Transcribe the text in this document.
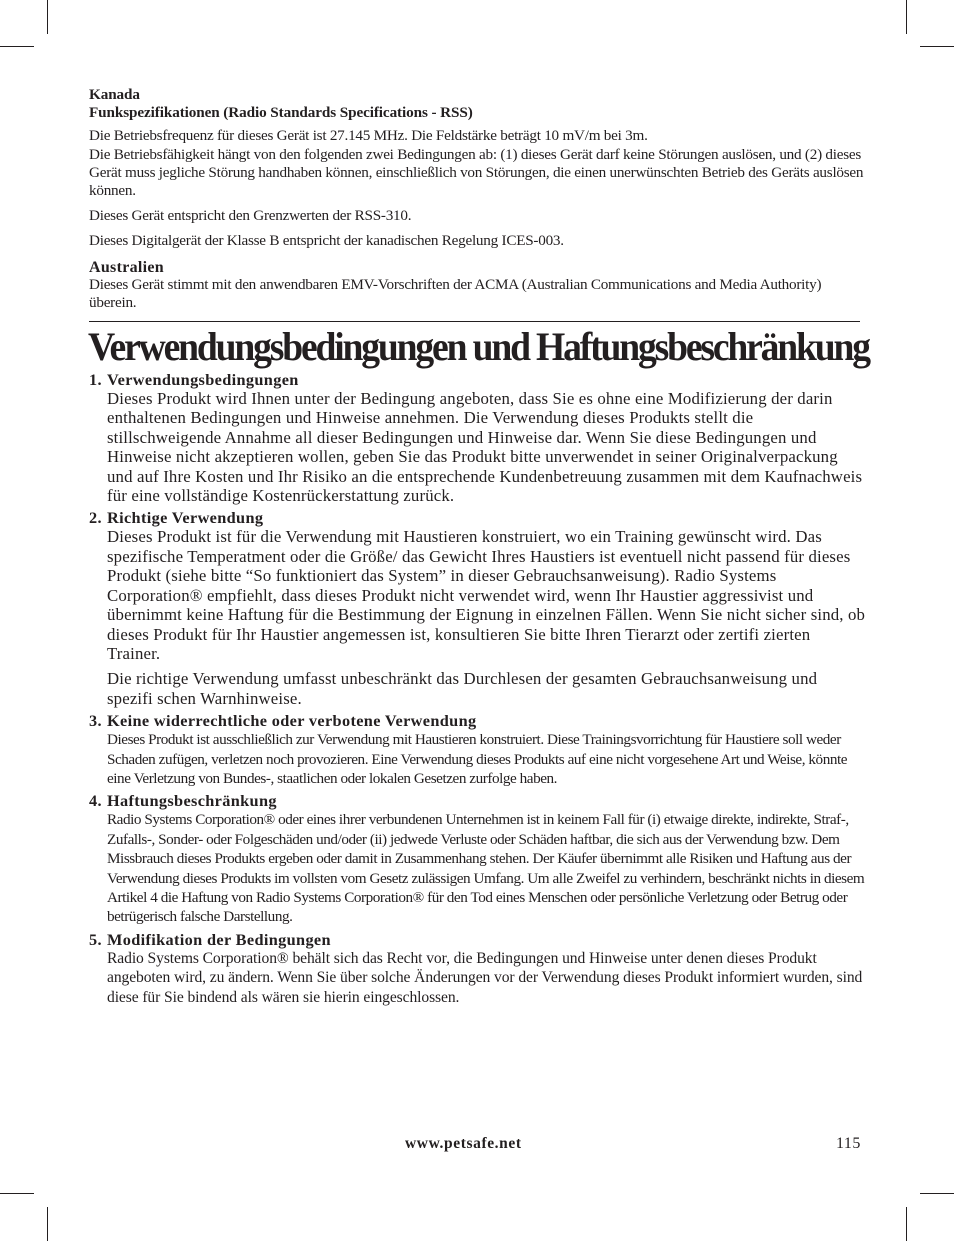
Kanada
Funkspezifikationen (Radio Standards Specifications - RSS)

Die Betriebsfrequenz für dieses Gerät ist 27.145 MHz. Die Feldstärke beträgt 10 mV/m bei 3m.

Die Betriebsfähigkeit hängt von den folgenden zwei Bedingungen ab: (1) dieses Gerät darf keine Störungen auslösen, und (2) dieses Gerät muss jegliche Störung handhaben können, einschließlich von Störungen, die einen unerwünschten Betrieb des Geräts auslösen können.

Dieses Gerät entspricht den Grenzwerten der RSS-310.

Dieses Digitalgerät der Klasse B entspricht der kanadischen Regelung ICES-003.

Australien

Dieses Gerät stimmt mit den anwendbaren EMV-Vorschriften der ACMA (Australian Communications and Media Authority) überein.

Verwendungsbedingungen und Haftungsbeschränkung
1. Verwendungsbedingungen

Dieses Produkt wird Ihnen unter der Bedingung angeboten, dass Sie es ohne eine Modifizierung der darin enthaltenen Bedingungen und Hinweise annehmen. Die Verwendung dieses Produkts stellt die stillschweigende Annahme all dieser Bedingungen und Hinweise dar. Wenn Sie diese Bedingungen und Hinweise nicht akzeptieren wollen, geben Sie das Produkt bitte unverwendet in seiner Originalverpackung und auf Ihre Kosten und Ihr Risiko an die entsprechende Kundenbetreuung zusammen mit dem Kaufnachweis für eine vollständige Kostenrückerstattung zurück.

2. Richtige Verwendung

Dieses Produkt ist für die Verwendung mit Haustieren konstruiert, wo ein Training gewünscht wird. Das spezifische Temperatment oder die Größe/ das Gewicht Ihres Haustiers ist eventuell nicht passend für dieses Produkt (siehe bitte “So funktioniert das System” in dieser Gebrauchsanweisung). Radio Systems Corporation® empfiehlt, dass dieses Produkt nicht verwendet wird, wenn Ihr Haustier aggressivist und übernimmt keine Haftung für die Bestimmung der Eignung in einzelnen Fällen. Wenn Sie nicht sicher sind, ob dieses Produkt für Ihr Haustier angemessen ist, konsultieren Sie bitte Ihren Tierarzt oder zertifi zierten Trainer.

Die richtige Verwendung umfasst unbeschränkt das Durchlesen der gesamten Gebrauchsanweisung und spezifi schen Warnhinweise.

3. Keine widerrechtliche oder verbotene Verwendung

Dieses Produkt ist ausschließlich zur Verwendung mit Haustieren konstruiert. Diese Trainingsvorrichtung für Haustiere soll weder Schaden zufügen, verletzen noch provozieren. Eine Verwendung dieses Produkts auf eine nicht vorgesehene Art und Weise, könnte eine Verletzung von Bundes-, staatlichen oder lokalen Gesetzen zurfolge haben.

4. Haftungsbeschränkung

Radio Systems Corporation® oder eines ihrer verbundenen Unternehmen ist in keinem Fall für (i) etwaige direkte, indirekte, Straf-, Zufalls-, Sonder- oder Folgeschäden und/oder (ii) jedwede Verluste oder Schäden haftbar, die sich aus der Verwendung bzw. Dem Missbrauch dieses Produkts ergeben oder damit in Zusammenhang stehen. Der Käufer übernimmt alle Risiken und Haftung aus der Verwendung dieses Produkts im vollsten vom Gesetz zulässigen Umfang. Um alle Zweifel zu verhindern, beschränkt nichts in diesem Artikel 4 die Haftung von Radio Systems Corporation® für den Tod eines Menschen oder persönliche Verletzung oder Betrug oder betrügerisch falsche Darstellung.

5. Modifikation der Bedingungen

Radio Systems Corporation® behält sich das Recht vor, die Bedingungen und Hinweise unter denen dieses Produkt angeboten wird, zu ändern. Wenn Sie über solche Änderungen vor der Verwendung dieses Produkt informiert wurden, sind diese für Sie bindend als wären sie hierin eingeschlossen.

www.petsafe.net	115
